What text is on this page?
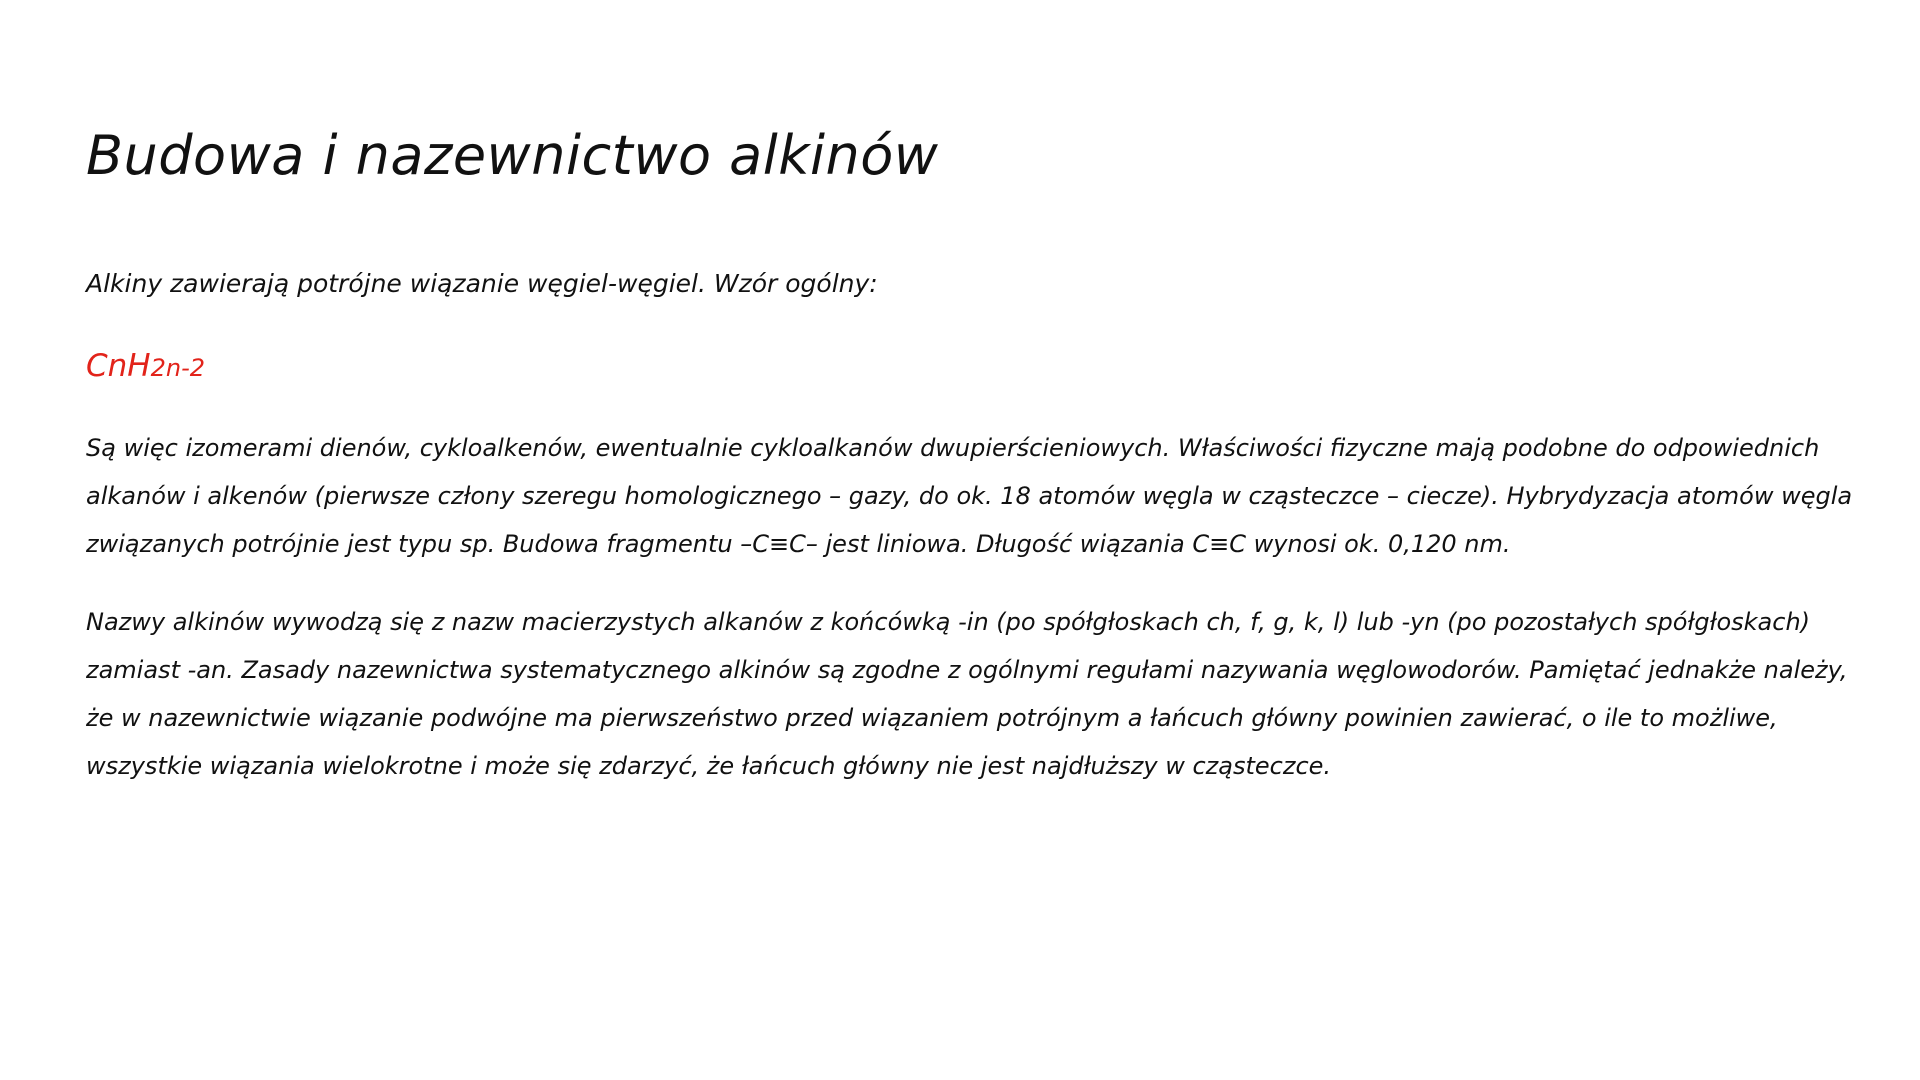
Budowa i nazewnictwo alkinów

Alkiny zawierają potrójne wiązanie węgiel-węgiel. Wzór ogólny:

CnH2n-2

Są więc izomerami dienów, cykloalkenów, ewentualnie cykloalkanów dwupierścieniowych. Właściwości fizyczne mają podobne do odpowiednich alkanów i alkenów (pierwsze człony szeregu homologicznego – gazy, do ok. 18 atomów węgla w cząsteczce – ciecze). Hybrydyzacja atomów węgla związanych potrójnie jest typu sp. Budowa fragmentu –C≡C– jest liniowa. Długość wiązania C≡C wynosi ok. 0,120 nm.

Nazwy alkinów wywodzą się z nazw macierzystych alkanów z końcówką -in (po spółgłoskach ch, f, g, k, l) lub -yn (po pozostałych spółgłoskach) zamiast -an. Zasady nazewnictwa systematycznego alkinów są zgodne z ogólnymi regułami nazywania węglowodorów. Pamiętać jednakże należy, że w nazewnictwie wiązanie podwójne ma pierwszeństwo przed wiązaniem potrójnym a łańcuch główny powinien zawierać, o ile to możliwe, wszystkie wiązania wielokrotne i może się zdarzyć, że łańcuch główny nie jest najdłuższy w cząsteczce.
